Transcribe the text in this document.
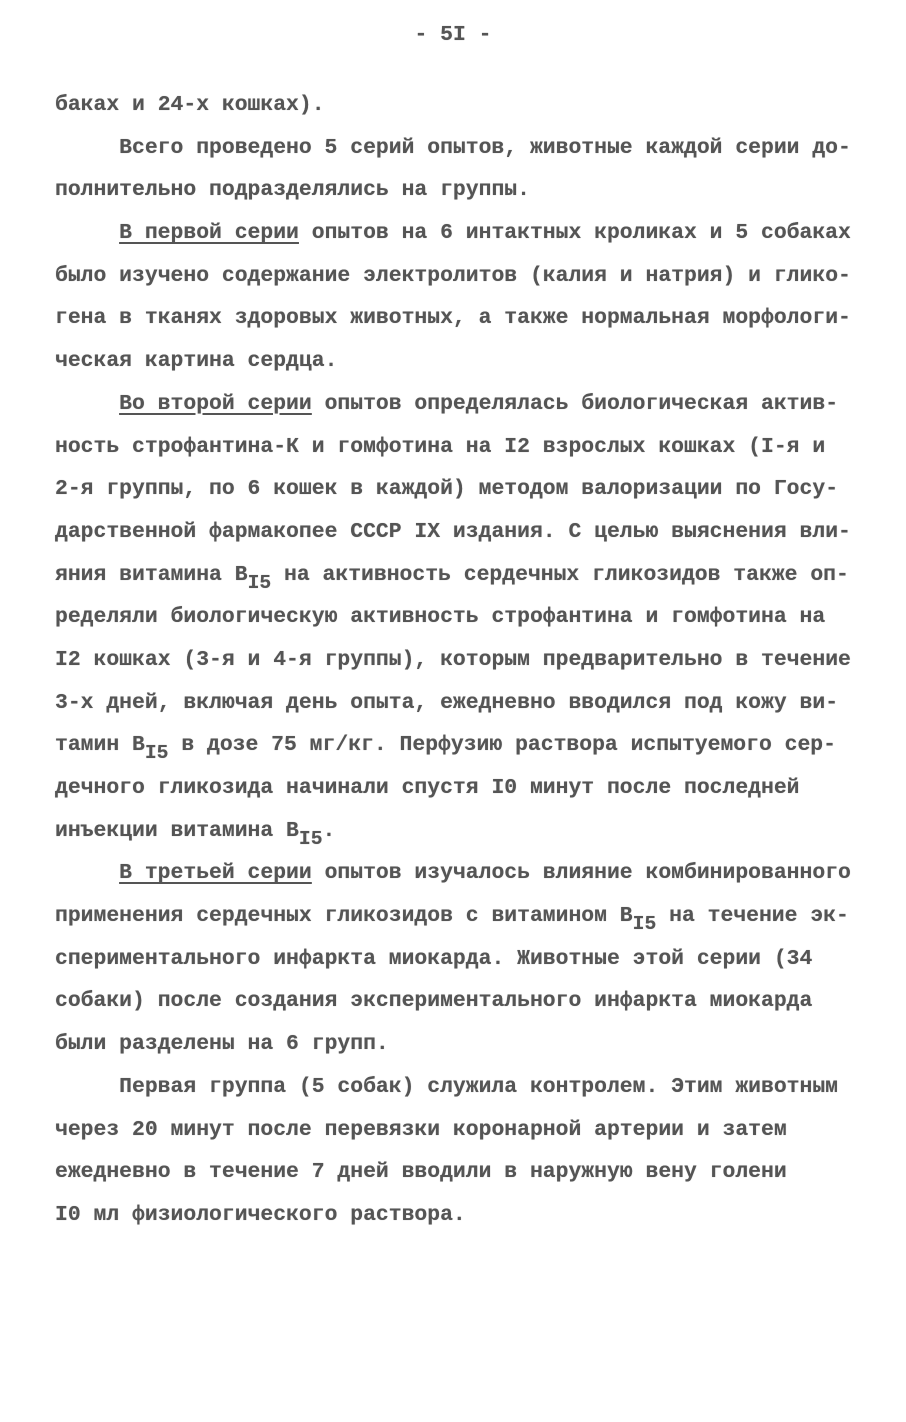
- 5I -
баках и 24-х кошках).
Всего проведено 5 серий опытов, животные каждой серии до-
полнительно подразделялись на группы.
В первой серии опытов на 6 интактных кроликах и 5 собаках
было изучено содержание электролитов (калия и натрия) и глико-
гена в тканях здоровых животных, а также нормальная морфологи-
ческая картина сердца.
Во второй серии опытов определялась биологическая актив-
ность строфантина-К и гомфотина на I2 взрослых кошках (I-я и
2-я группы, по 6 кошек в каждой) методом валоризации по Госу-
дарственной фармакопее СССР IX издания. С целью выяснения вли-
яния витамина BI5 на активность сердечных гликозидов также оп-
ределяли биологическую активность строфантина и гомфотина на
I2 кошках (3-я и 4-я группы), которым предварительно в течение
3-х дней, включая день опыта, ежедневно вводился под кожу ви-
тамин BI5 в дозе 75 мг/кг. Перфузию раствора испытуемого сер-
дечного гликозида начинали спустя I0 минут после последней
инъекции витамина BI5.
В третьей серии опытов изучалось влияние комбинированного
применения сердечных гликозидов с витамином BI5 на течение эк-
спериментального инфаркта миокарда. Животные этой серии (34
собаки) после создания экспериментального инфаркта миокарда
были разделены на 6 групп.
Первая группа (5 собак) служила контролем. Этим животным
через 20 минут после перевязки коронарной артерии и затем
ежедневно в течение 7 дней вводили в наружную вену голени
I0 мл физиологического раствора.
